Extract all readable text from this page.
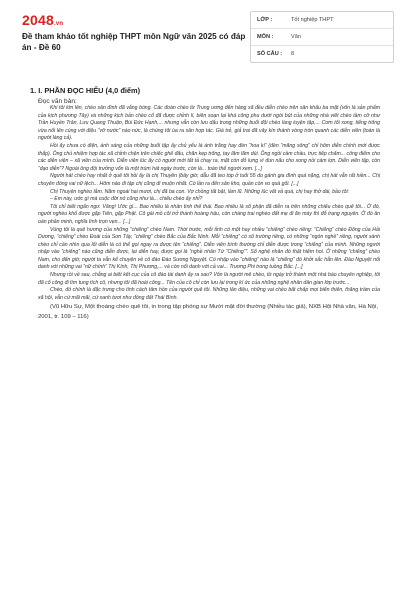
2048.vn
Đề tham khảo tốt nghiệp THPT môn Ngữ văn 2025 có đáp án - Đề 60
LỚP :	Tốt nghiệp THPT
MÔN :	Văn
SỐ CÂU :	8
1. I. PHẦN ĐỌC HIỂU (4,0 điểm)
Đọc văn bản:

Khi tôi lớn lên, chèo sân đình đã vắng bóng. Các đoàn chèo từ Trung ương đến hàng xã đều diễn chèo trên sân khấu ba mặt (vốn là sản phẩm của kịch phương Tây) và những kịch bản chèo cổ đã được chỉnh lí, biên soạn lại khá công phu dưới ngòi bút của những nhà viết chèo tầm cỡ như Trần Huyền Trân, Lưu Quang Thuận, Bùi Đức Hạnh,... nhưng vẫn còn lưu dấu trong những buổi đội chèo làng luyện tập,... Cơm tối xong, tiếng trống vừa nổi lên cùng với điệu “vỡ nước” nào nức, là chúng tôi ùa ra sân hợp tác. Giá trẻ, giả trai đã vây kín thành vòng tròn quanh các diễn viên (toàn là người làng cả).

Hồi ấy chưa có điện, ánh sáng của những buổi tập ấy chủ yếu là ánh trăng hay đèn “hoa kì” (đèn “măng sông” chỉ hôm diễn chính mới được thắp). Ông chủ nhiệm hợp tác xã chỉnh chện trên chiếc ghế đẩu, chăn kẹp trống, tay lăm lăm dùi. Ông ngồi cầm chầu, trực tiếp chấm... công điểm cho các diễn viên – xã viên của mình. Diễn viên lúc ấy có người mới tất tả chạy ra, mặt còn đỏ lựng vì đun nấu cho xong nồi cám lợn. Diễn viên tập, còn “đạo diễn”? Ngoài ông đội trưởng vốn là một trùm hát ngày trước, còn là... toàn thể người xem. [...]

Người hát chèo hay nhất ở quê tôi hồi ấy là chị Thuyên (bây giờ, dẫu đã teo tóp ở tuổi 55 do gánh gia đình quá nặng, chị hát vẫn rất hiền... Chị chuyên đóng vai nữ lệch... Hôm nào đi tập chị cũng đi muộn nhất. Có lần ra đến sân kho, quần còn vo quá gối. [...]

Chị Thuyên nghèo lắm. Năm ngoái hai mươi, chị đã ba con. Vợ chồng tất bật, làm lũ. Những lúc vất vả quá, chị hay thở dài, bảo tôi:

– Em này, ước gì mà cuộc đời nó cũng như là... chiếu chèo ấy nhỉ?

Tôi chỉ biết ngẩn ngơ. Vâng! Ước gì... Bao nhiêu là nhân tình thế thái. Bao nhiêu là số phận đã diễn ra trên những chiếu chèo quê tôi... Ở đó, người nghèo khổ được gặp Tiên, gặp Phật. Cô gái mồ côi trở thành hoàng hậu, còn chàng trai nghèo đất mẹ đi ăn mày thì đỗ trạng nguyên. Ở đó ân oán phân minh, nghĩa tình trọn vẹn... [...]

Vùng tôi là quê hương của những “chiếng” chèo Nam. Thời trước, mỗi tỉnh có một hay nhiều “chiếng” chèo riêng: “Chiếng” chèo Đông của Hải Dương, “chiếng” chèo Đoài của Sơn Tây, “chiếng” chèo Bắc của Bắc Ninh. Mỗi “chiếng” có số trường riêng, có những “ngón nghề” riêng, người sành chèo chỉ cần nhìn qua lối diễn là có thể gọi ngay ra được tên “chiếng”. Diễn viên bình thường chỉ diễn được trong “chiếng” của mình. Những người nhập vào “chiếng” nào cũng diễn được, lại diễn hay, được gọi là “nghề nhân Tứ “Chiếng””. Số nghệ nhân đó thật hiếm hoi. Ở những “chiếng” chèo Nam, cho đến giờ, người ta vẫn kể chuyện về cô đào Đào Sương Nguyệt. Có nhập vào “chiếng” nào là “chiếng” đó khởi sắc hẳn lên. Đào Nguyệt nổi danh với những vai “nữ chính” Thị Kính, Thị Phương,... và còn nổi danh với cả vai... Trương Phi trong tuồng Bắc. [...]

Nhưng rồi về sau, chẳng ai biết kết cục của cô đào tài danh ấy ra sao? Vốn là người mê chèo, từ ngày trở thành một nhà báo chuyên nghiệp, tôi đã cố công đi tìm tung tích cô, nhưng tôi đã hoài công... Tên của cô chỉ còn lưu lại trong kí ức của những nghệ nhân dân gian lớp trước...

Chèo, đó chính là đặc trưng cho tính cách tâm hồn của người quê tôi. Những lân điệu, những vai chèo bất chấp mọi biến thiên, thăng trầm của xã hội, vẫn cứ mãi mãi, cứ xanh tươi như đồng đất Thái Bình.

(Vũ Hữu Sự, Một thoáng chèo quê tôi, in trong tập phóng sự Mười mặt đời thường (Nhiều tác giả), NXB Hội Nhà văn, Hà Nội, 2001, tr. 109 – 116)
